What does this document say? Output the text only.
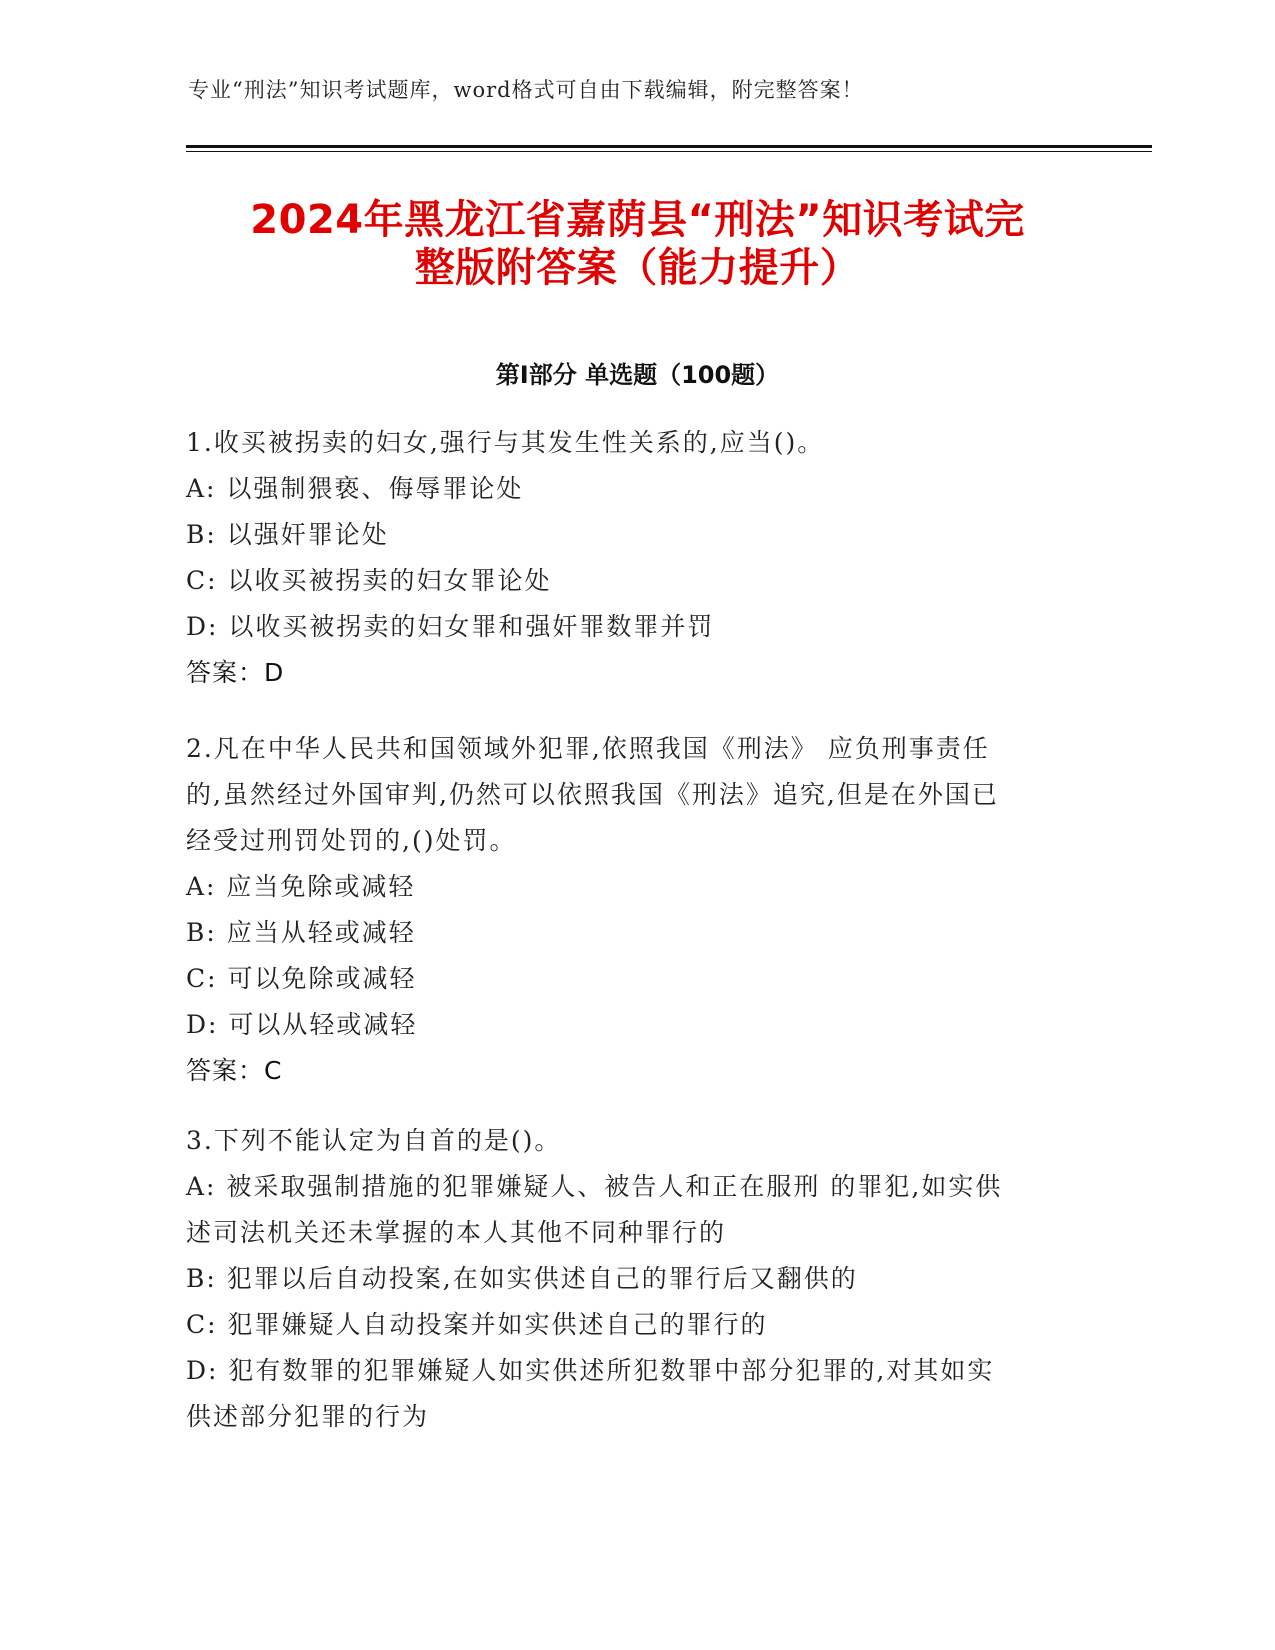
专业“刑法”知识考试题库，word格式可自由下载编辑，附完整答案！
2024年黑龙江省嘉荫县“刑法”知识考试完
整版附答案（能力提升）
第Ⅰ部分 单选题（100题）
1.收买被拐卖的妇女,强行与其发生性关系的,应当()。
A: 以强制猥亵、侮辱罪论处
B: 以强奸罪论处
C: 以收买被拐卖的妇女罪论处
D: 以收买被拐卖的妇女罪和强奸罪数罪并罚
答案：D
2.凡在中华人民共和国领域外犯罪,依照我国《刑法》 应负刑事责任
的,虽然经过外国审判,仍然可以依照我国《刑法》追究,但是在外国已
经受过刑罚处罚的,()处罚。
A: 应当免除或减轻
B: 应当从轻或减轻
C: 可以免除或减轻
D: 可以从轻或减轻
答案：C
3.下列不能认定为自首的是()。
A: 被采取强制措施的犯罪嫌疑人、被告人和正在服刑 的罪犯,如实供
述司法机关还未掌握的本人其他不同种罪行的
B: 犯罪以后自动投案,在如实供述自己的罪行后又翻供的
C: 犯罪嫌疑人自动投案并如实供述自己的罪行的
D: 犯有数罪的犯罪嫌疑人如实供述所犯数罪中部分犯罪的,对其如实
供述部分犯罪的行为
